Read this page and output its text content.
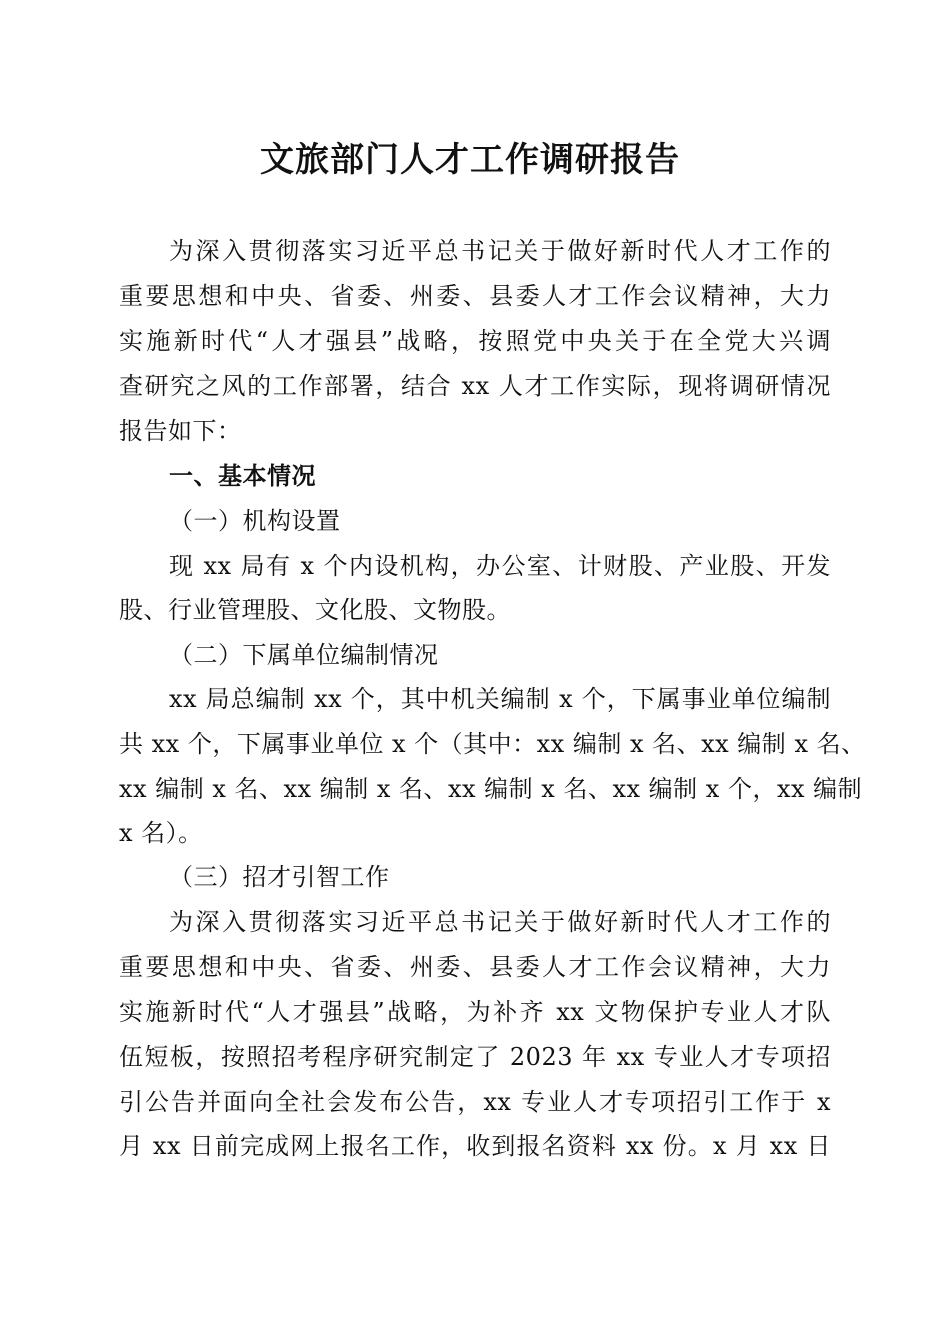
文旅部门人才工作调研报告
为深入贯彻落实习近平总书记关于做好新时代人才工作的
重要思想和中央、省委、州委、县委人才工作会议精神，大力
实施新时代“人才强县”战略，按照党中央关于在全党大兴调
查研究之风的工作部署，结合 xx 人才工作实际，现将调研情况
报告如下：
一、基本情况
（一）机构设置
现 xx 局有 x 个内设机构，办公室、计财股、产业股、开发
股、行业管理股、文化股、文物股。
（二）下属单位编制情况
xx 局总编制 xx 个，其中机关编制 x 个，下属事业单位编制
共 xx 个，下属事业单位 x 个（其中：xx 编制 x 名、xx 编制 x 名、
xx 编制 x 名、xx 编制 x 名、xx 编制 x 名、xx 编制 x 个，xx 编制
x 名）。
（三）招才引智工作
为深入贯彻落实习近平总书记关于做好新时代人才工作的
重要思想和中央、省委、州委、县委人才工作会议精神，大力
实施新时代“人才强县”战略，为补齐 xx 文物保护专业人才队
伍短板，按照招考程序研究制定了 2023 年 xx 专业人才专项招
引公告并面向全社会发布公告，xx 专业人才专项招引工作于 x
月 xx 日前完成网上报名工作，收到报名资料 xx 份。x 月 xx 日
